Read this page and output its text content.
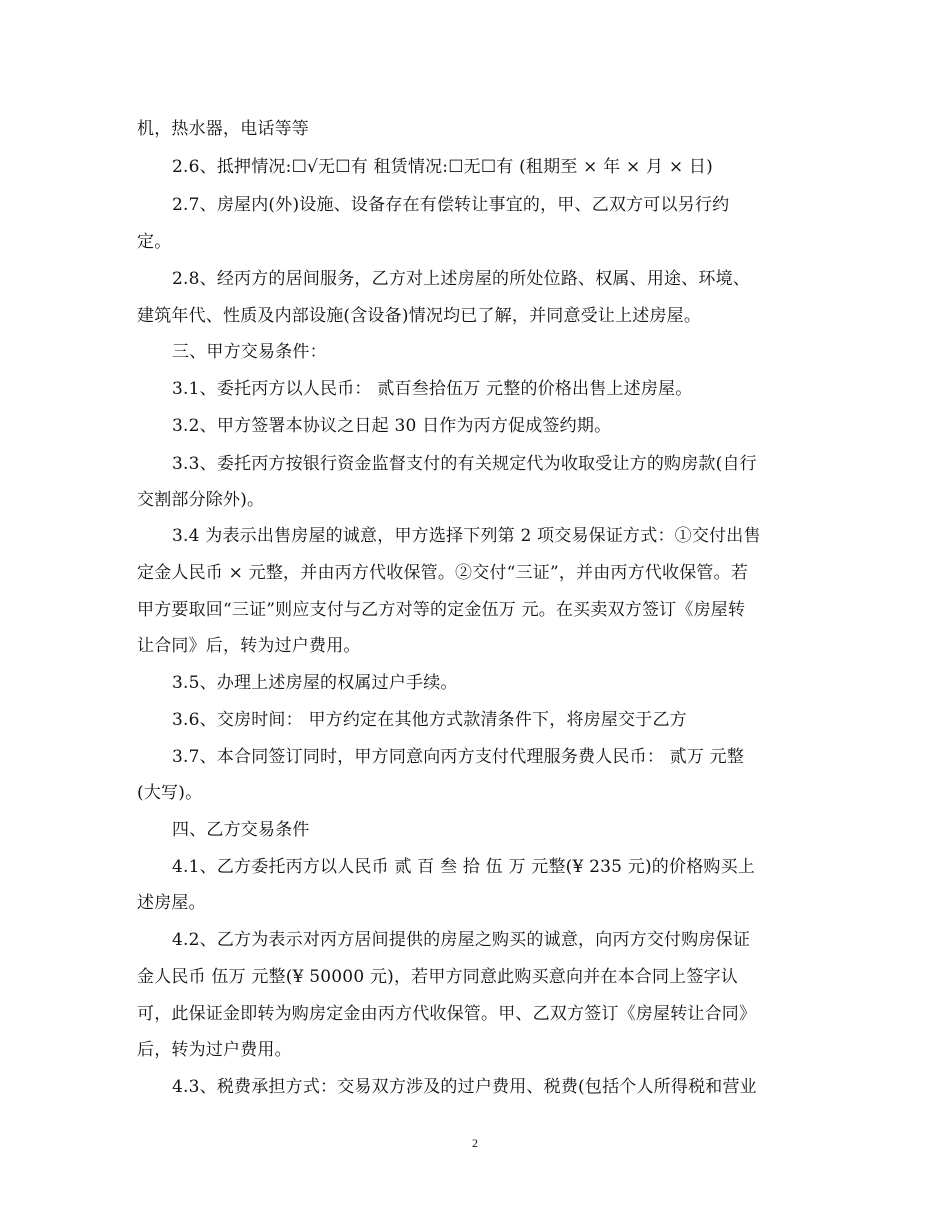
机，热水器，电话等等
2.6、抵押情况:☐√无☐有 租赁情况:☐无☐有 (租期至 × 年 × 月 × 日)
2.7、房屋内(外)设施、设备存在有偿转让事宜的，甲、乙双方可以另行约
定。
2.8、经丙方的居间服务，乙方对上述房屋的所处位路、权属、用途、环境、
建筑年代、性质及内部设施(含设备)情况均已了解，并同意受让上述房屋。
三、甲方交易条件：
3.1、委托丙方以人民币： 贰百叁拾伍万 元整的价格出售上述房屋。
3.2、甲方签署本协议之日起 30 日作为丙方促成签约期。
3.3、委托丙方按银行资金监督支付的有关规定代为收取受让方的购房款(自行
交割部分除外)。
3.4 为表示出售房屋的诚意，甲方选择下列第 2 项交易保证方式：①交付出售
定金人民币 × 元整，并由丙方代收保管。②交付“三证”，并由丙方代收保管。若
甲方要取回“三证”则应支付与乙方对等的定金伍万 元。在买卖双方签订《房屋转
让合同》后，转为过户费用。
3.5、办理上述房屋的权属过户手续。
3.6、交房时间： 甲方约定在其他方式款清条件下，将房屋交于乙方
3.7、本合同签订同时，甲方同意向丙方支付代理服务费人民币： 贰万 元整
(大写)。
四、乙方交易条件
4.1、乙方委托丙方以人民币 贰 百 叁 拾 伍 万 元整(¥ 235 元)的价格购买上
述房屋。
4.2、乙方为表示对丙方居间提供的房屋之购买的诚意，向丙方交付购房保证
金人民币 伍万 元整(¥ 50000 元)，若甲方同意此购买意向并在本合同上签字认
可，此保证金即转为购房定金由丙方代收保管。甲、乙双方签订《房屋转让合同》
后，转为过户费用。
4.3、税费承担方式：交易双方涉及的过户费用、税费(包括个人所得税和营业
2
